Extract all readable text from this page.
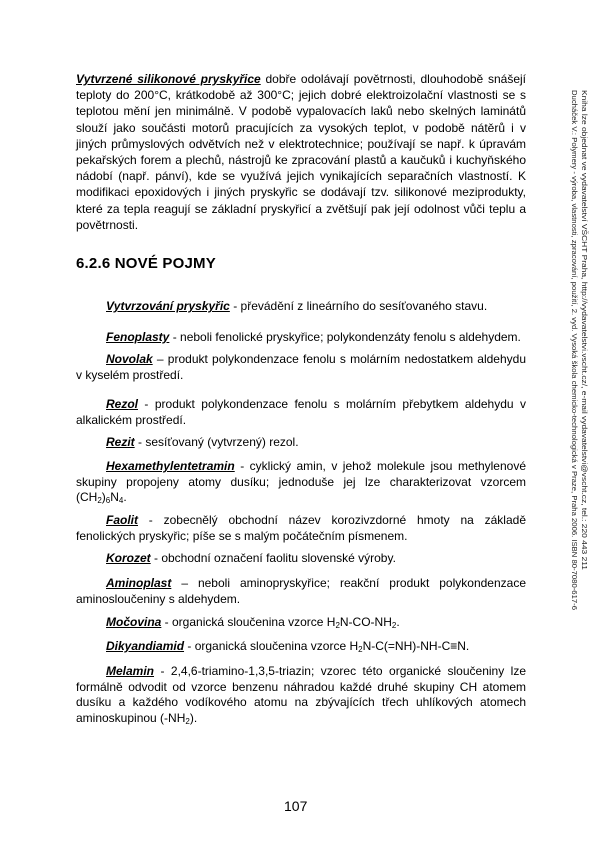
Vytvrzené silikonové pryskyřice dobře odolávají povětrnosti, dlouhodobě snášejí teploty do 200°C, krátkodobě až 300°C; jejich dobré elektroizolační vlastnosti se s teplotou mění jen minimálně. V podobě vypalovacích laků nebo skelných laminátů slouží jako součásti motorů pracujících za vysokých teplot, v podobě nátěrů i v jiných průmyslových odvětvích než v elektrotechnice; používají se např. k úpravám pekařských forem a plechů, nástrojů ke zpracování plastů a kaučuků i kuchyňského nádobí (např. pánví), kde se využívá jejich vynikajících separačních vlastností. K modifikaci epoxidových i jiných pryskyřic se dodávají tzv. silikonové meziprodukty, které za tepla reagují se základní pryskyřicí a zvětšují pak její odolnost vůči teplu a povětrnosti.

6.2.6 NOVÉ POJMY

Vytvrzování pryskyřic - převádění z lineárního do sesíťovaného stavu.

Fenoplasty - neboli fenolické pryskyřice; polykondenzáty fenolu s aldehydem.

Novolak – produkt polykondenzace fenolu s molárním nedostatkem aldehydu v kyselém prostředí.

Rezol - produkt polykondenzace fenolu s molárním přebytkem aldehydu v alkalickém prostředí.

Rezit - sesíťovaný (vytvrzený) rezol.

Hexamethylentetramin - cyklický amin, v jehož molekule jsou methylenové skupiny propojeny atomy dusíku; jednoduše jej lze charakterizovat vzorcem $(CH_2)_6N_4$.

Faolit - zobecnělý obchodní název korozivzdorné hmoty na základě fenolických pryskyřic; píše se s malým počátečním písmenem.

Korozet - obchodní označení faolitu slovenské výroby.

Aminoplast – neboli aminopryskyřice; reakční produkt polykondenzace aminosloučeniny s aldehydem.

Močovina - organická sloučenina vzorce $H_2N-CO-NH_2$.

Dikyandiamid - organická sloučenina vzorce $H_2N-C(=NH)-NH-C\equiv N$.

Melamin - 2,4,6-triamino-1,3,5-triazin; vzorec této organické sloučeniny lze formálně odvodit od vzorce benzenu náhradou každé druhé skupiny CH atomem dusíku a každého vodíkového atomu na zbývajících třech uhlíkových atomech aminoskupinou $(-NH_2)$.

107

Ducháček V.: Polymery - výroba, vlastnosti, zpracování, použití, 2. vyd. Vysoká škola chemicko-technologická v Praze, Praha 2006. ISBN 80-7080-617-6 Kniha lze objednat ve vydavatelství VŠCHT Praha, http://vydavatelstvi.vscht.cz/, e-mail vydavatelstvi@vscht.cz, tel.: 220 443 211
